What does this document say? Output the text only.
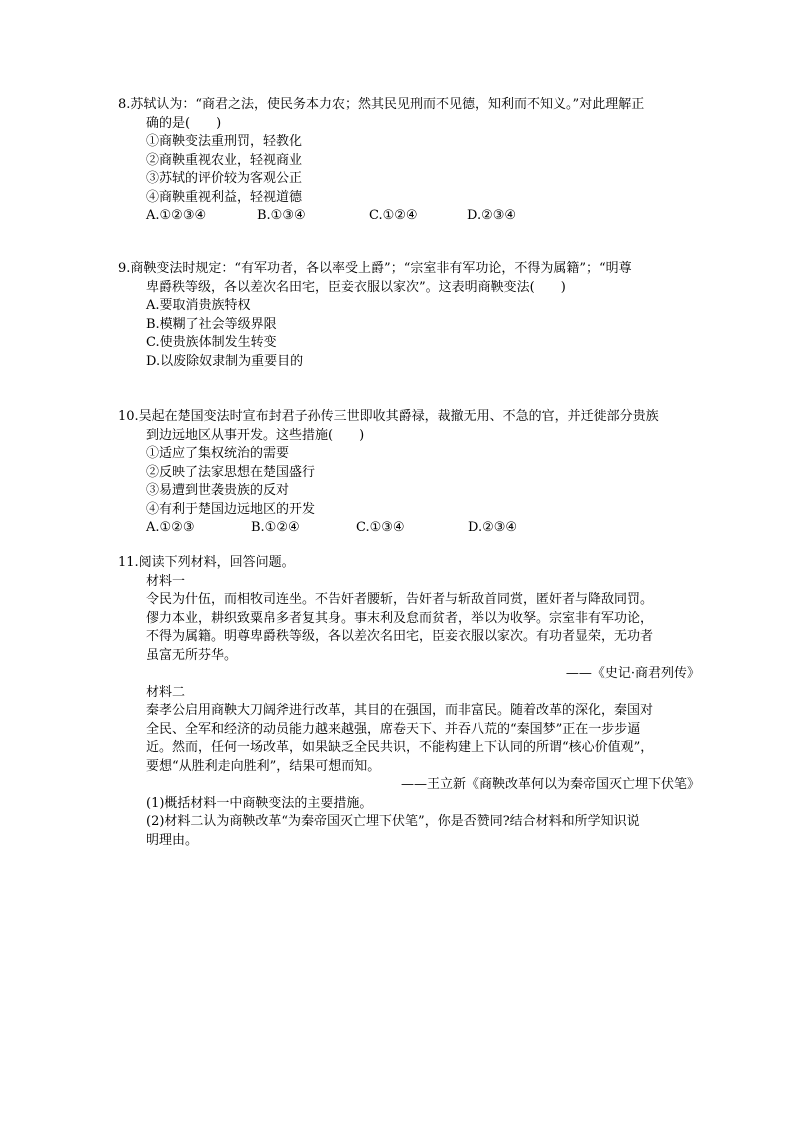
8.苏轼认为：“商君之法，使民务本力农；然其民见刑而不见德，知利而不知义。”对此理解正

确的是(　　)

①商鞅变法重刑罚，轻教化

②商鞅重视农业，轻视商业

③苏轼的评价较为客观公正

④商鞅重视利益，轻视道德

A.①②③④	B.①③④	C.①②④	D.②③④

9.商鞅变法时规定：“有军功者，各以率受上爵”；“宗室非有军功论，不得为属籍”；“明尊

卑爵秩等级，各以差次名田宅，臣妾衣服以家次”。这表明商鞅变法(　　)

A.要取消贵族特权

B.模糊了社会等级界限

C.使贵族体制发生转变

D.以废除奴隶制为重要目的

10.吴起在楚国变法时宣布封君子孙传三世即收其爵禄，裁撤无用、不急的官，并迁徙部分贵族

到边远地区从事开发。这些措施(　　)

①适应了集权统治的需要

②反映了法家思想在楚国盛行

③易遭到世袭贵族的反对

④有利于楚国边远地区的开发

A.①②③	B.①②④	C.①③④	D.②③④

11.阅读下列材料，回答问题。

材料一

令民为什伍，而相牧司连坐。不告奸者腰斩，告奸者与斩敌首同赏，匿奸者与降敌同罚。

僇力本业，耕织致粟帛多者复其身。事末利及怠而贫者，举以为收孥。宗室非有军功论，

不得为属籍。明尊卑爵秩等级，各以差次名田宅，臣妾衣服以家次。有功者显荣，无功者

虽富无所芬华。

——《史记·商君列传》

材料二

秦孝公启用商鞅大刀阔斧进行改革，其目的在强国，而非富民。随着改革的深化，秦国对

全民、全军和经济的动员能力越来越强，席卷天下、并吞八荒的“秦国梦”正在一步步逼

近。然而，任何一场改革，如果缺乏全民共识，不能构建上下认同的所谓“核心价值观”，

要想“从胜利走向胜利”，结果可想而知。

——王立新《商鞅改革何以为秦帝国灭亡埋下伏笔》

(1)概括材料一中商鞅变法的主要措施。

(2)材料二认为商鞅改革“为秦帝国灭亡埋下伏笔”，你是否赞同?结合材料和所学知识说

明理由。
